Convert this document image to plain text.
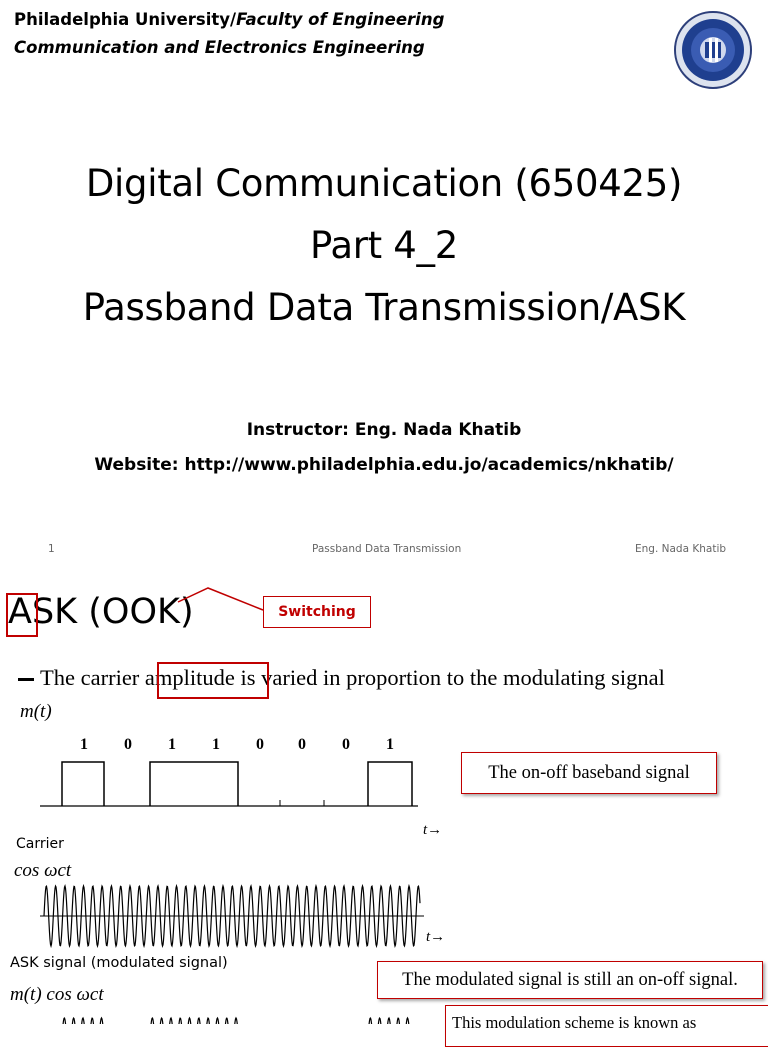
Philadelphia University/Faculty of Engineering
Communication and Electronics Engineering
Digital Communication (650425)
Part 4_2
Passband Data Transmission/ASK
Instructor: Eng. Nada Khatib
Website: http://www.philadelphia.edu.jo/academics/nkhatib/
1	Passband Data Transmission	Eng. Nada Khatib
ASK (OOK)	Switching
The carrier amplitude is varied in proportion to the modulating signal
m(t)
1 0 1 1 0 0 0 1
t→
t→
Carrier
cos ωct
ASK signal (modulated signal)
m(t) cos ωct
The on-off baseband signal
The modulated signal is still an on-off signal.
This modulation scheme is known as
